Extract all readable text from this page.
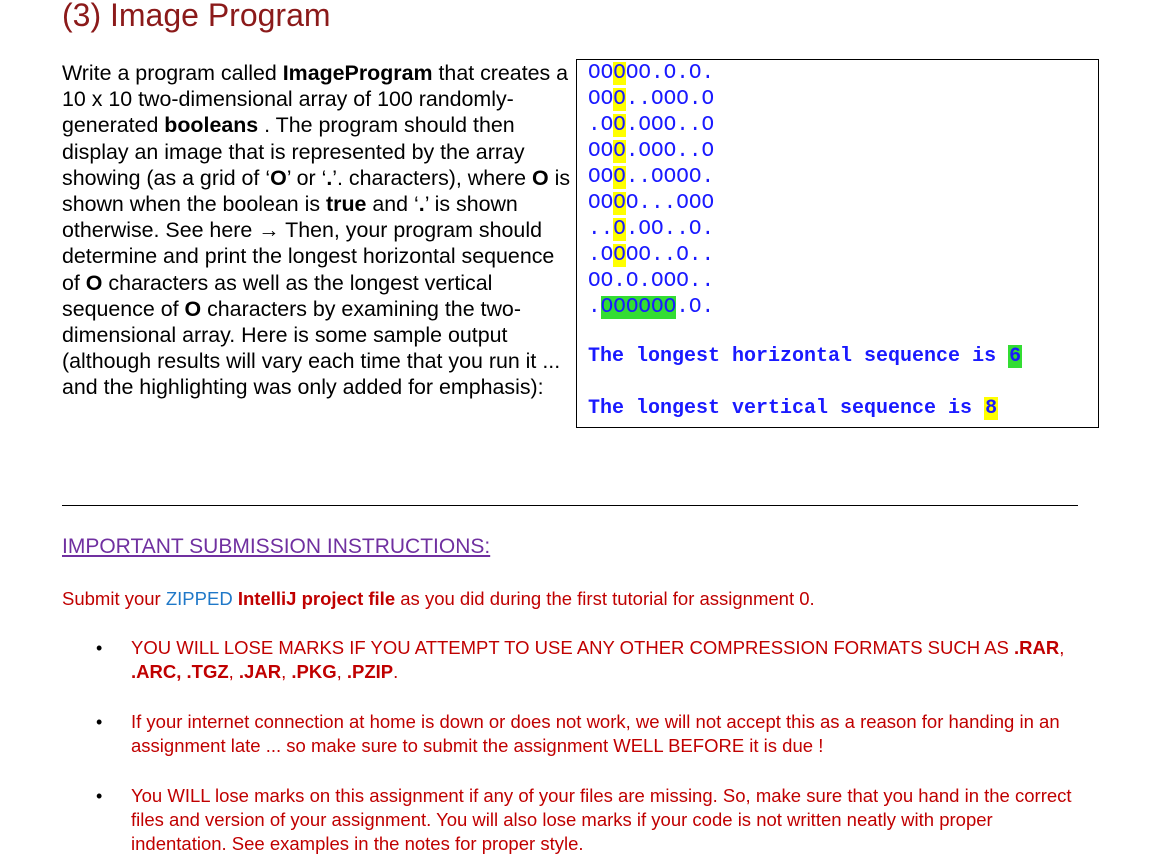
(3) Image Program

Write a program called ImageProgram that creates a 10 x 10 two-dimensional array of 100 randomly-generated booleans . The program should then display an image that is represented by the array showing (as a grid of ‘O’ or ‘.’. characters), where O is shown when the boolean is true and ‘.’ is shown otherwise. See here → Then, your program should determine and print the longest horizontal sequence of O characters as well as the longest vertical sequence of O characters by examining the two-dimensional array. Here is some sample output (although results will vary each time that you run it ... and the highlighting was only added for emphasis):

OOOOO.O.O.
OOO..OOO.O
.OO.OOO..O
OOO.OOO..O
OOO..OOOO.
OOOO...OOO
..O.OO..O.
.OOOO..O..
OO.O.OOO..
.OOOOOO.O.
The longest horizontal sequence is 6
The longest vertical sequence is 8
IMPORTANT SUBMISSION INSTRUCTIONS:
Submit your ZIPPED IntelliJ project file as you did during the first tutorial for assignment 0.
• YOU WILL LOSE MARKS IF YOU ATTEMPT TO USE ANY OTHER COMPRESSION FORMATS SUCH AS .RAR, .ARC, .TGZ, .JAR, .PKG, .PZIP.
• If your internet connection at home is down or does not work, we will not accept this as a reason for handing in an assignment late ... so make sure to submit the assignment WELL BEFORE it is due !
• You WILL lose marks on this assignment if any of your files are missing. So, make sure that you hand in the correct files and version of your assignment. You will also lose marks if your code is not written neatly with proper indentation. See examples in the notes for proper style.
